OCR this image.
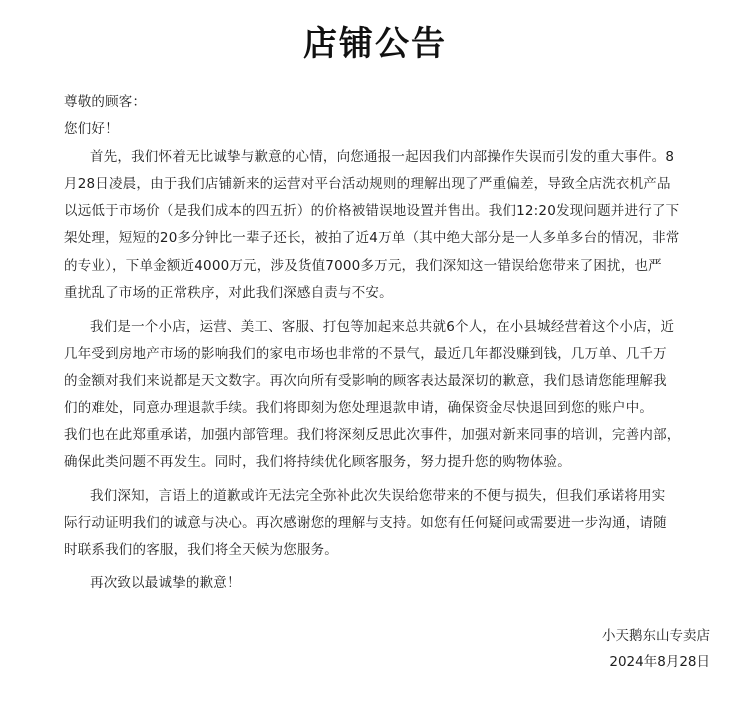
店铺公告
尊敬的顾客：
您们好！
首先，我们怀着无比诚挚与歉意的心情，向您通报一起因我们内部操作失误而引发的重大事件。8
月28日凌晨，由于我们店铺新来的运营对平台活动规则的理解出现了严重偏差，导致全店洗衣机产品
以远低于市场价（是我们成本的四五折）的价格被错误地设置并售出。我们12:20发现问题并进行了下
架处理，短短的20多分钟比一辈子还长，被拍了近4万单（其中绝大部分是一人多单多台的情况，非常
的专业），下单金额近4000万元，涉及货值7000多万元，我们深知这一错误给您带来了困扰，也严
重扰乱了市场的正常秩序，对此我们深感自责与不安。
我们是一个小店，运营、美工、客服、打包等加起来总共就6个人，在小县城经营着这个小店，近
几年受到房地产市场的影响我们的家电市场也非常的不景气，最近几年都没赚到钱，几万单、几千万
的金额对我们来说都是天文数字。再次向所有受影响的顾客表达最深切的歉意，我们恳请您能理解我
们的难处，同意办理退款手续。我们将即刻为您处理退款申请，确保资金尽快退回到您的账户中。
我们也在此郑重承诺，加强内部管理。我们将深刻反思此次事件，加强对新来同事的培训，完善内部，
确保此类问题不再发生。同时，我们将持续优化顾客服务，努力提升您的购物体验。
我们深知，言语上的道歉或许无法完全弥补此次失误给您带来的不便与损失，但我们承诺将用实
际行动证明我们的诚意与决心。再次感谢您的理解与支持。如您有任何疑问或需要进一步沟通，请随
时联系我们的客服，我们将全天候为您服务。
再次致以最诚挚的歉意！
小天鹅东山专卖店
2024年8月28日
